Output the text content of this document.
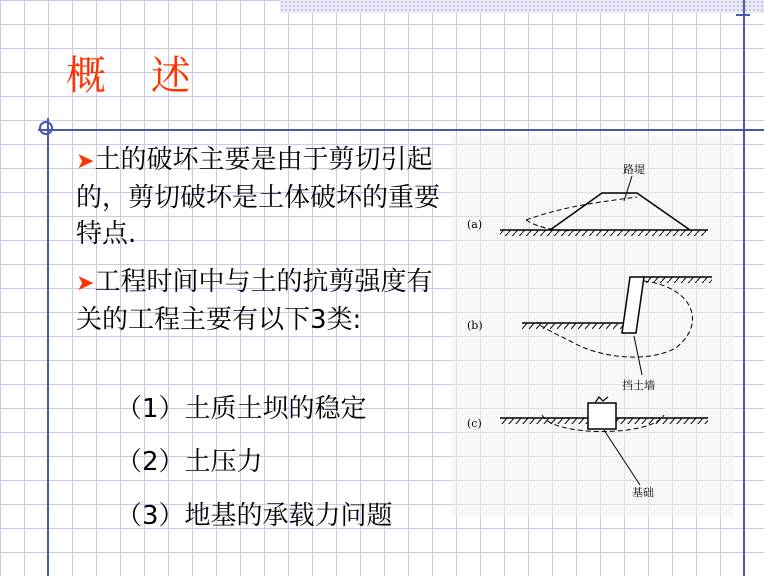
概 述
➤土的破坏主要是由于剪切引起的，剪切破坏是土体破坏的重要特点.
➤工程时间中与土的抗剪强度有关的工程主要有以下3类:

（1）土质土坝的稳定

（2）土压力

（3）地基的承载力问题

(a)
路堤
(b)
挡土墙
(c)
基础
